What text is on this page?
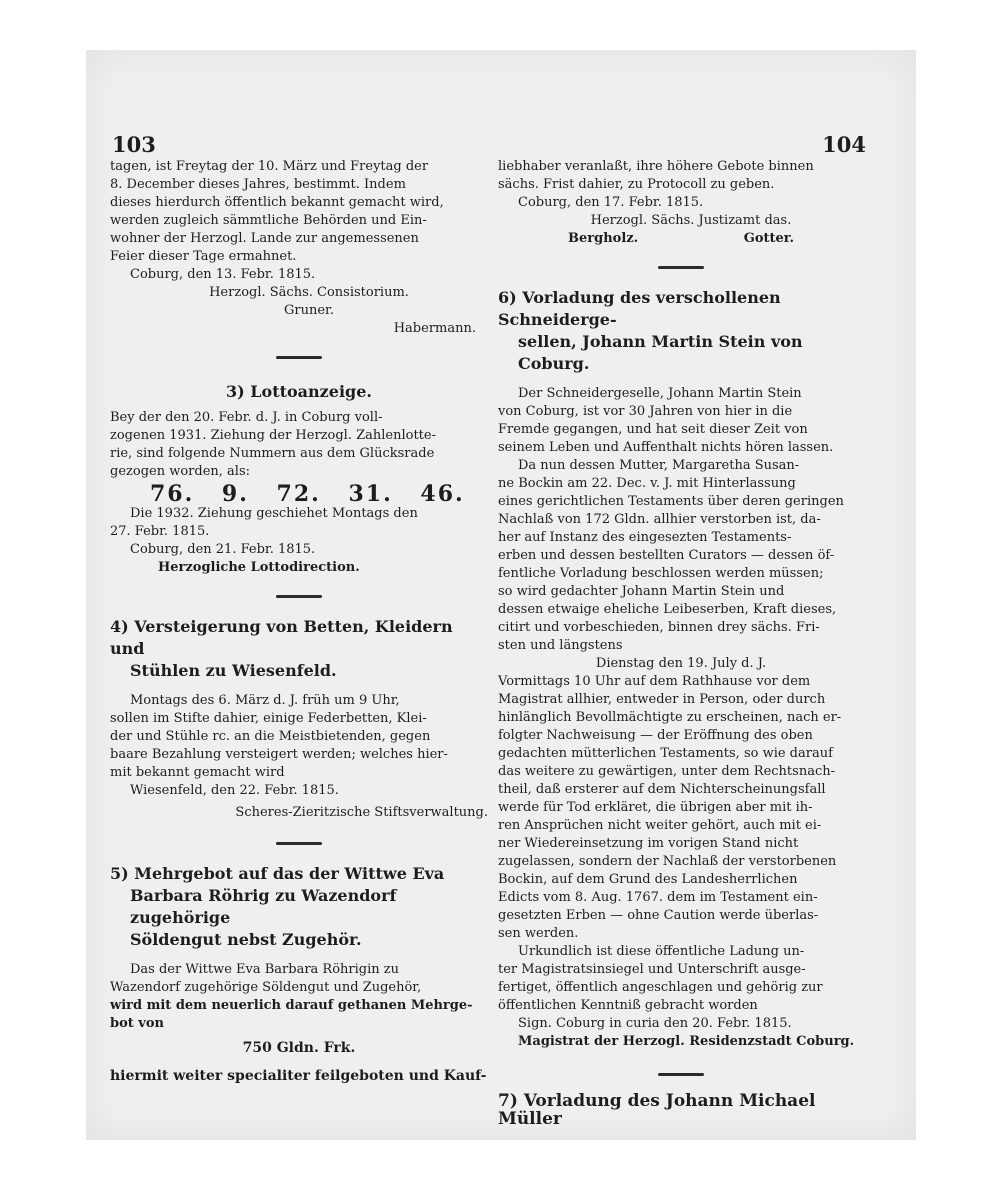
103	104
tagen, ist Freytag der 10. März und Freytag der
8. December dieses Jahres, bestimmt. Indem
dieses hierdurch öffentlich bekannt gemacht wird,
werden zugleich sämmtliche Behörden und Ein-
wohner der Herzogl. Lande zur angemessenen
Feier dieser Tage ermahnet.
Coburg, den 13. Febr. 1815.
Herzogl. Sächs. Consistorium.
Gruner.
Habermann.
3) Lottoanzeige.
Bey der den 20. Febr. d. J. in Coburg voll-
zogenen 1931. Ziehung der Herzogl. Zahlenlotte-
rie, sind folgende Nummern aus dem Glücksrade
gezogen worden, als:
76. 9. 72. 31. 46.
Die 1932. Ziehung geschiehet Montags den
27. Febr. 1815.
Coburg, den 21. Febr. 1815.
Herzogliche Lottodirection.
4) Versteigerung von Betten, Kleidern und
Stühlen zu Wiesenfeld.
Montags des 6. März d. J. früh um 9 Uhr,
sollen im Stifte dahier, einige Federbetten, Klei-
der und Stühle rc. an die Meistbietenden, gegen
baare Bezahlung versteigert werden; welches hier-
mit bekannt gemacht wird
Wiesenfeld, den 22. Febr. 1815.
Scheres-Zieritzische Stiftsverwaltung.
5) Mehrgebot auf das der Wittwe Eva
Barbara Röhrig zu Wazendorf zugehörige
Söldengut nebst Zugehör.
Das der Wittwe Eva Barbara Röhrigin zu
Wazendorf zugehörige Söldengut und Zugehör,
wird mit dem neuerlich darauf gethanen Mehrge-
bot von
750 Gldn. Frk.
hiermit weiter specialiter feilgeboten und Kauf-
liebhaber veranlaßt, ihre höhere Gebote binnen
sächs. Frist dahier, zu Protocoll zu geben.
Coburg, den 17. Febr. 1815.
Herzogl. Sächs. Justizamt das.
Bergholz.	Gotter.
6) Vorladung des verschollenen Schneiderge-
sellen, Johann Martin Stein von Coburg.
Der Schneidergeselle, Johann Martin Stein
von Coburg, ist vor 30 Jahren von hier in die
Fremde gegangen, und hat seit dieser Zeit von
seinem Leben und Auffenthalt nichts hören lassen.
Da nun dessen Mutter, Margaretha Susan-
ne Bockin am 22. Dec. v. J. mit Hinterlassung
eines gerichtlichen Testaments über deren geringen
Nachlaß von 172 Gldn. allhier verstorben ist, da-
her auf Instanz des eingesezten Testaments-
erben und dessen bestellten Curators — dessen öf-
fentliche Vorladung beschlossen werden müssen;
so wird gedachter Johann Martin Stein und
dessen etwaige eheliche Leibeserben, Kraft dieses,
citirt und vorbeschieden, binnen drey sächs. Fri-
sten und längstens
Dienstag den 19. July d. J.
Vormittags 10 Uhr auf dem Rathhause vor dem
Magistrat allhier, entweder in Person, oder durch
hinlänglich Bevollmächtigte zu erscheinen, nach er-
folgter Nachweisung — der Eröffnung des oben
gedachten mütterlichen Testaments, so wie darauf
das weitere zu gewärtigen, unter dem Rechtsnach-
theil, daß ersterer auf dem Nichterscheinungsfall
werde für Tod erkläret, die übrigen aber mit ih-
ren Ansprüchen nicht weiter gehört, auch mit ei-
ner Wiedereinsetzung im vorigen Stand nicht
zugelassen, sondern der Nachlaß der verstorbenen
Bockin, auf dem Grund des Landesherrlichen
Edicts vom 8. Aug. 1767. dem im Testament ein-
gesetzten Erben — ohne Caution werde überlas-
sen werden.
Urkundlich ist diese öffentliche Ladung un-
ter Magistratsinsiegel und Unterschrift ausge-
fertiget, öffentlich angeschlagen und gehörig zur
öffentlichen Kenntniß gebracht worden
Sign. Coburg in curia den 20. Febr. 1815.
Magistrat der Herzogl. Residenzstadt Coburg.
7) Vorladung des Johann Michael Müller
